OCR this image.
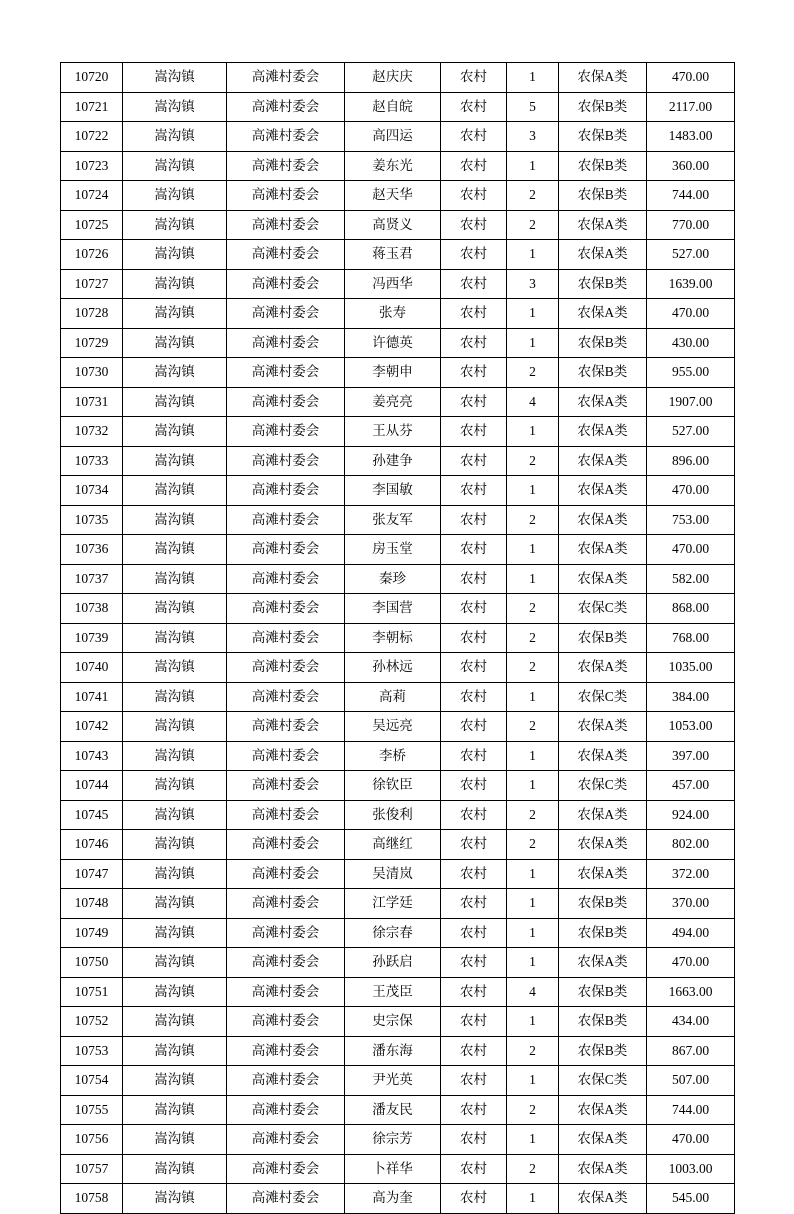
10720	嵩沟镇	高滩村委会	赵庆庆	农村	1	农保A类	470.00
10721	嵩沟镇	高滩村委会	赵自皖	农村	5	农保B类	2117.00
10722	嵩沟镇	高滩村委会	高四运	农村	3	农保B类	1483.00
10723	嵩沟镇	高滩村委会	姜东光	农村	1	农保B类	360.00
10724	嵩沟镇	高滩村委会	赵天华	农村	2	农保B类	744.00
10725	嵩沟镇	高滩村委会	高贤义	农村	2	农保A类	770.00
10726	嵩沟镇	高滩村委会	蒋玉君	农村	1	农保A类	527.00
10727	嵩沟镇	高滩村委会	冯西华	农村	3	农保B类	1639.00
10728	嵩沟镇	高滩村委会	张寿	农村	1	农保A类	470.00
10729	嵩沟镇	高滩村委会	许德英	农村	1	农保B类	430.00
10730	嵩沟镇	高滩村委会	李朝申	农村	2	农保B类	955.00
10731	嵩沟镇	高滩村委会	姜亮亮	农村	4	农保A类	1907.00
10732	嵩沟镇	高滩村委会	王从芬	农村	1	农保A类	527.00
10733	嵩沟镇	高滩村委会	孙建争	农村	2	农保A类	896.00
10734	嵩沟镇	高滩村委会	李国敏	农村	1	农保A类	470.00
10735	嵩沟镇	高滩村委会	张友军	农村	2	农保A类	753.00
10736	嵩沟镇	高滩村委会	房玉堂	农村	1	农保A类	470.00
10737	嵩沟镇	高滩村委会	秦珍	农村	1	农保A类	582.00
10738	嵩沟镇	高滩村委会	李国营	农村	2	农保C类	868.00
10739	嵩沟镇	高滩村委会	李朝标	农村	2	农保B类	768.00
10740	嵩沟镇	高滩村委会	孙林远	农村	2	农保A类	1035.00
10741	嵩沟镇	高滩村委会	高莉	农村	1	农保C类	384.00
10742	嵩沟镇	高滩村委会	吴远亮	农村	2	农保A类	1053.00
10743	嵩沟镇	高滩村委会	李桥	农村	1	农保A类	397.00
10744	嵩沟镇	高滩村委会	徐钦臣	农村	1	农保C类	457.00
10745	嵩沟镇	高滩村委会	张俊利	农村	2	农保A类	924.00
10746	嵩沟镇	高滩村委会	高继红	农村	2	农保A类	802.00
10747	嵩沟镇	高滩村委会	吴清岚	农村	1	农保A类	372.00
10748	嵩沟镇	高滩村委会	江学廷	农村	1	农保B类	370.00
10749	嵩沟镇	高滩村委会	徐宗春	农村	1	农保B类	494.00
10750	嵩沟镇	高滩村委会	孙跃启	农村	1	农保A类	470.00
10751	嵩沟镇	高滩村委会	王茂臣	农村	4	农保B类	1663.00
10752	嵩沟镇	高滩村委会	史宗保	农村	1	农保B类	434.00
10753	嵩沟镇	高滩村委会	潘东海	农村	2	农保B类	867.00
10754	嵩沟镇	高滩村委会	尹光英	农村	1	农保C类	507.00
10755	嵩沟镇	高滩村委会	潘友民	农村	2	农保A类	744.00
10756	嵩沟镇	高滩村委会	徐宗芳	农村	1	农保A类	470.00
10757	嵩沟镇	高滩村委会	卜祥华	农村	2	农保A类	1003.00
10758	嵩沟镇	高滩村委会	高为奎	农村	1	农保A类	545.00
